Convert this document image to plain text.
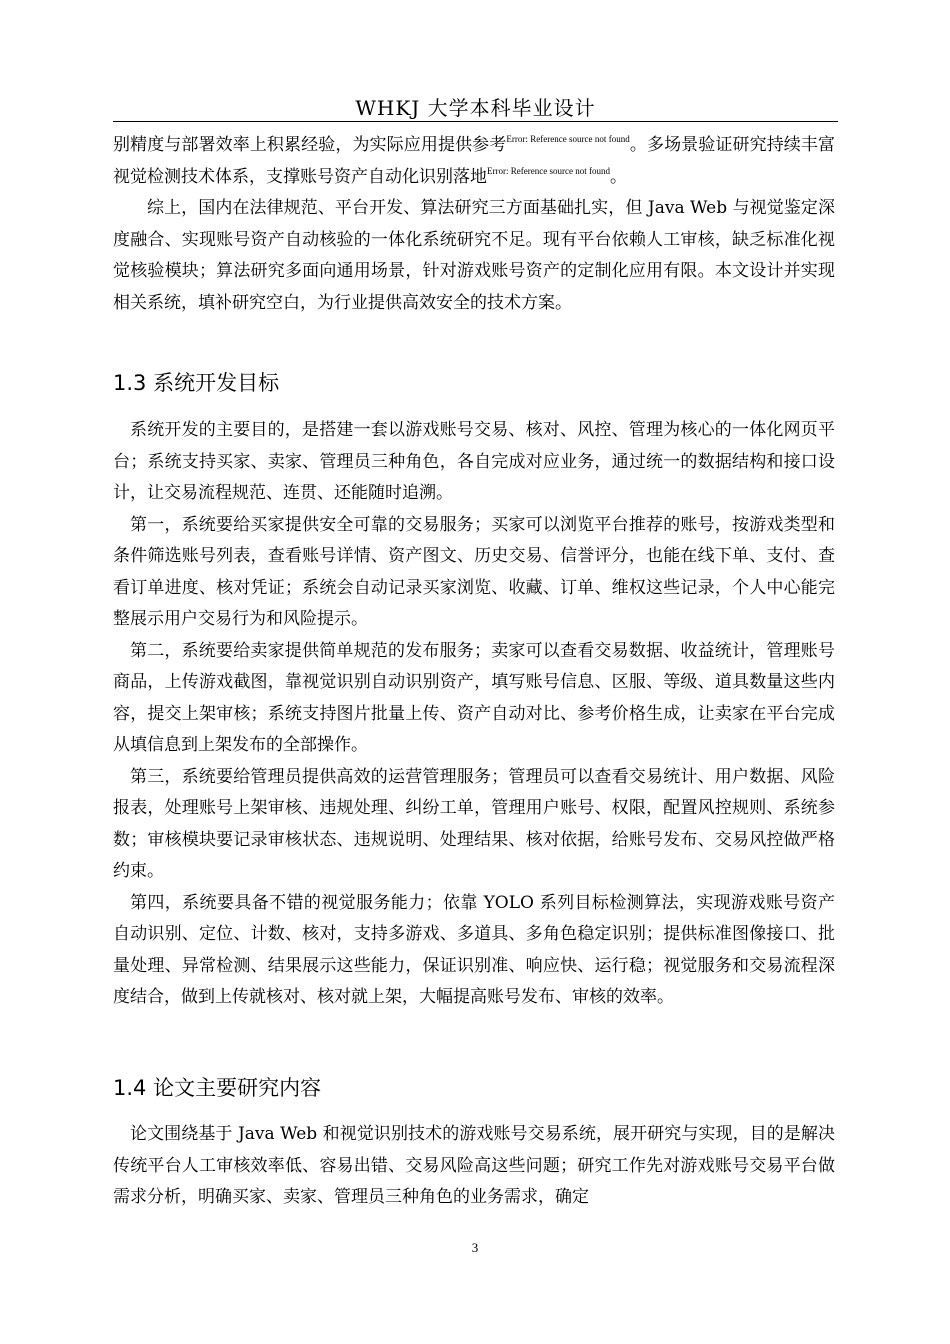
WHKJ 大学本科毕业设计

别精度与部署效率上积累经验，为实际应用提供参考$^{Error: Reference source not found}$。多场景验证研究持续丰富视觉检测技术体系，支撑账号资产自动化识别落地$^{Error: Reference source not found}$。

综上，国内在法律规范、平台开发、算法研究三方面基础扎实，但 Java Web 与视觉鉴定深度融合、实现账号资产自动核验的一体化系统研究不足。现有平台依赖人工审核，缺乏标准化视觉核验模块；算法研究多面向通用场景，针对游戏账号资产的定制化应用有限。本文设计并实现相关系统，填补研究空白，为行业提供高效安全的技术方案。

1.3 系统开发目标

系统开发的主要目的，是搭建一套以游戏账号交易、核对、风控、管理为核心的一体化网页平台；系统支持买家、卖家、管理员三种角色，各自完成对应业务，通过统一的数据结构和接口设计，让交易流程规范、连贯、还能随时追溯。

第一，系统要给买家提供安全可靠的交易服务；买家可以浏览平台推荐的账号，按游戏类型和条件筛选账号列表，查看账号详情、资产图文、历史交易、信誉评分，也能在线下单、支付、查看订单进度、核对凭证；系统会自动记录买家浏览、收藏、订单、维权这些记录，个人中心能完整展示用户交易行为和风险提示。

第二，系统要给卖家提供简单规范的发布服务；卖家可以查看交易数据、收益统计，管理账号商品，上传游戏截图，靠视觉识别自动识别资产，填写账号信息、区服、等级、道具数量这些内容，提交上架审核；系统支持图片批量上传、资产自动对比、参考价格生成，让卖家在平台完成从填信息到上架发布的全部操作。

第三，系统要给管理员提供高效的运营管理服务；管理员可以查看交易统计、用户数据、风险报表，处理账号上架审核、违规处理、纠纷工单，管理用户账号、权限，配置风控规则、系统参数；审核模块要记录审核状态、违规说明、处理结果、核对依据，给账号发布、交易风控做严格约束。

第四，系统要具备不错的视觉服务能力；依靠 YOLO 系列目标检测算法，实现游戏账号资产自动识别、定位、计数、核对，支持多游戏、多道具、多角色稳定识别；提供标准图像接口、批量处理、异常检测、结果展示这些能力，保证识别准、响应快、运行稳；视觉服务和交易流程深度结合，做到上传就核对、核对就上架，大幅提高账号发布、审核的效率。

1.4 论文主要研究内容

论文围绕基于 Java Web 和视觉识别技术的游戏账号交易系统，展开研究与实现，目的是解决传统平台人工审核效率低、容易出错、交易风险高这些问题；研究工作先对游戏账号交易平台做需求分析，明确买家、卖家、管理员三种角色的业务需求，确定

3
